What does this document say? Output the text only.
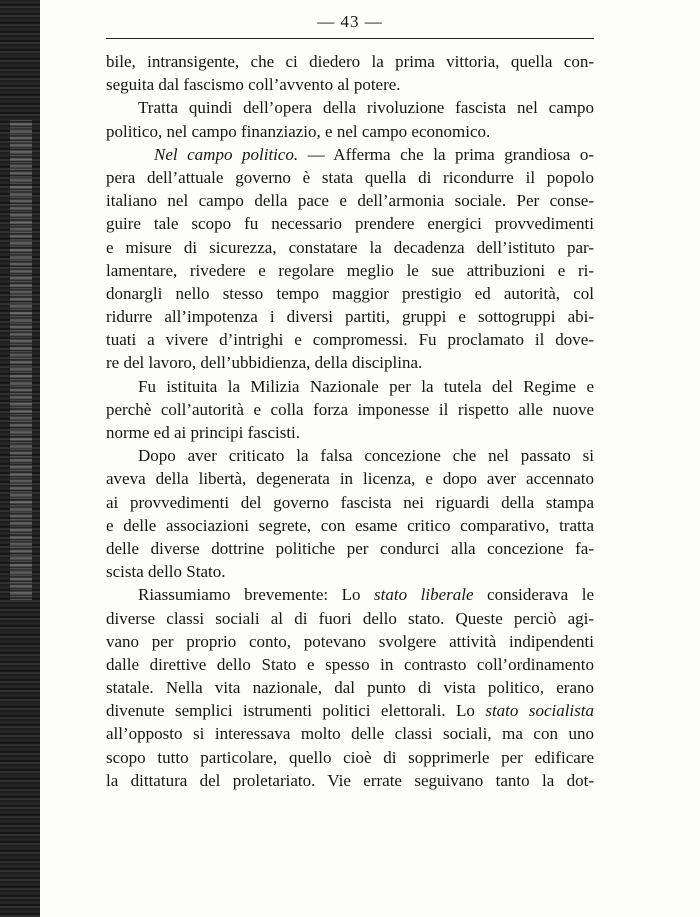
— 43 —
bile, intransigente, che ci diedero la prima vittoria, quella con-
seguita dal fascismo coll’avvento al potere.
Tratta quindi dell’opera della rivoluzione fascista nel campo
politico, nel campo finanziazio, e nel campo economico.
Nel campo politico. — Afferma che la prima grandiosa o-
pera dell’attuale governo è stata quella di ricondurre il popolo
italiano nel campo della pace e dell’armonia sociale. Per conse-
guire tale scopo fu necessario prendere energici provvedimenti
e misure di sicurezza, constatare la decadenza dell’istituto par-
lamentare, rivedere e regolare meglio le sue attribuzioni e ri-
donargli nello stesso tempo maggior prestigio ed autorità, col
ridurre all’impotenza i diversi partiti, gruppi e sottogruppi abi-
tuati a vivere d’intrighi e compromessi. Fu proclamato il dove-
re del lavoro, dell’ubbidienza, della disciplina.
Fu istituita la Milizia Nazionale per la tutela del Regime e
perchè coll’autorità e colla forza imponesse il rispetto alle nuove
norme ed ai principi fascisti.
Dopo aver criticato la falsa concezione che nel passato si
aveva della libertà, degenerata in licenza, e dopo aver accennato
ai provvedimenti del governo fascista nei riguardi della stampa
e delle associazioni segrete, con esame critico comparativo, tratta
delle diverse dottrine politiche per condurci alla concezione fa-
scista dello Stato.
Riassumiamo brevemente: Lo stato liberale considerava le
diverse classi sociali al di fuori dello stato. Queste perciò agi-
vano per proprio conto, potevano svolgere attività indipendenti
dalle direttive dello Stato e spesso in contrasto coll’ordinamento
statale. Nella vita nazionale, dal punto di vista politico, erano
divenute semplici istrumenti politici elettorali. Lo stato socialista
all’opposto si interessava molto delle classi sociali, ma con uno
scopo tutto particolare, quello cioè di sopprimerle per edificare
la dittatura del proletariato. Vie errate seguivano tanto la dot-
